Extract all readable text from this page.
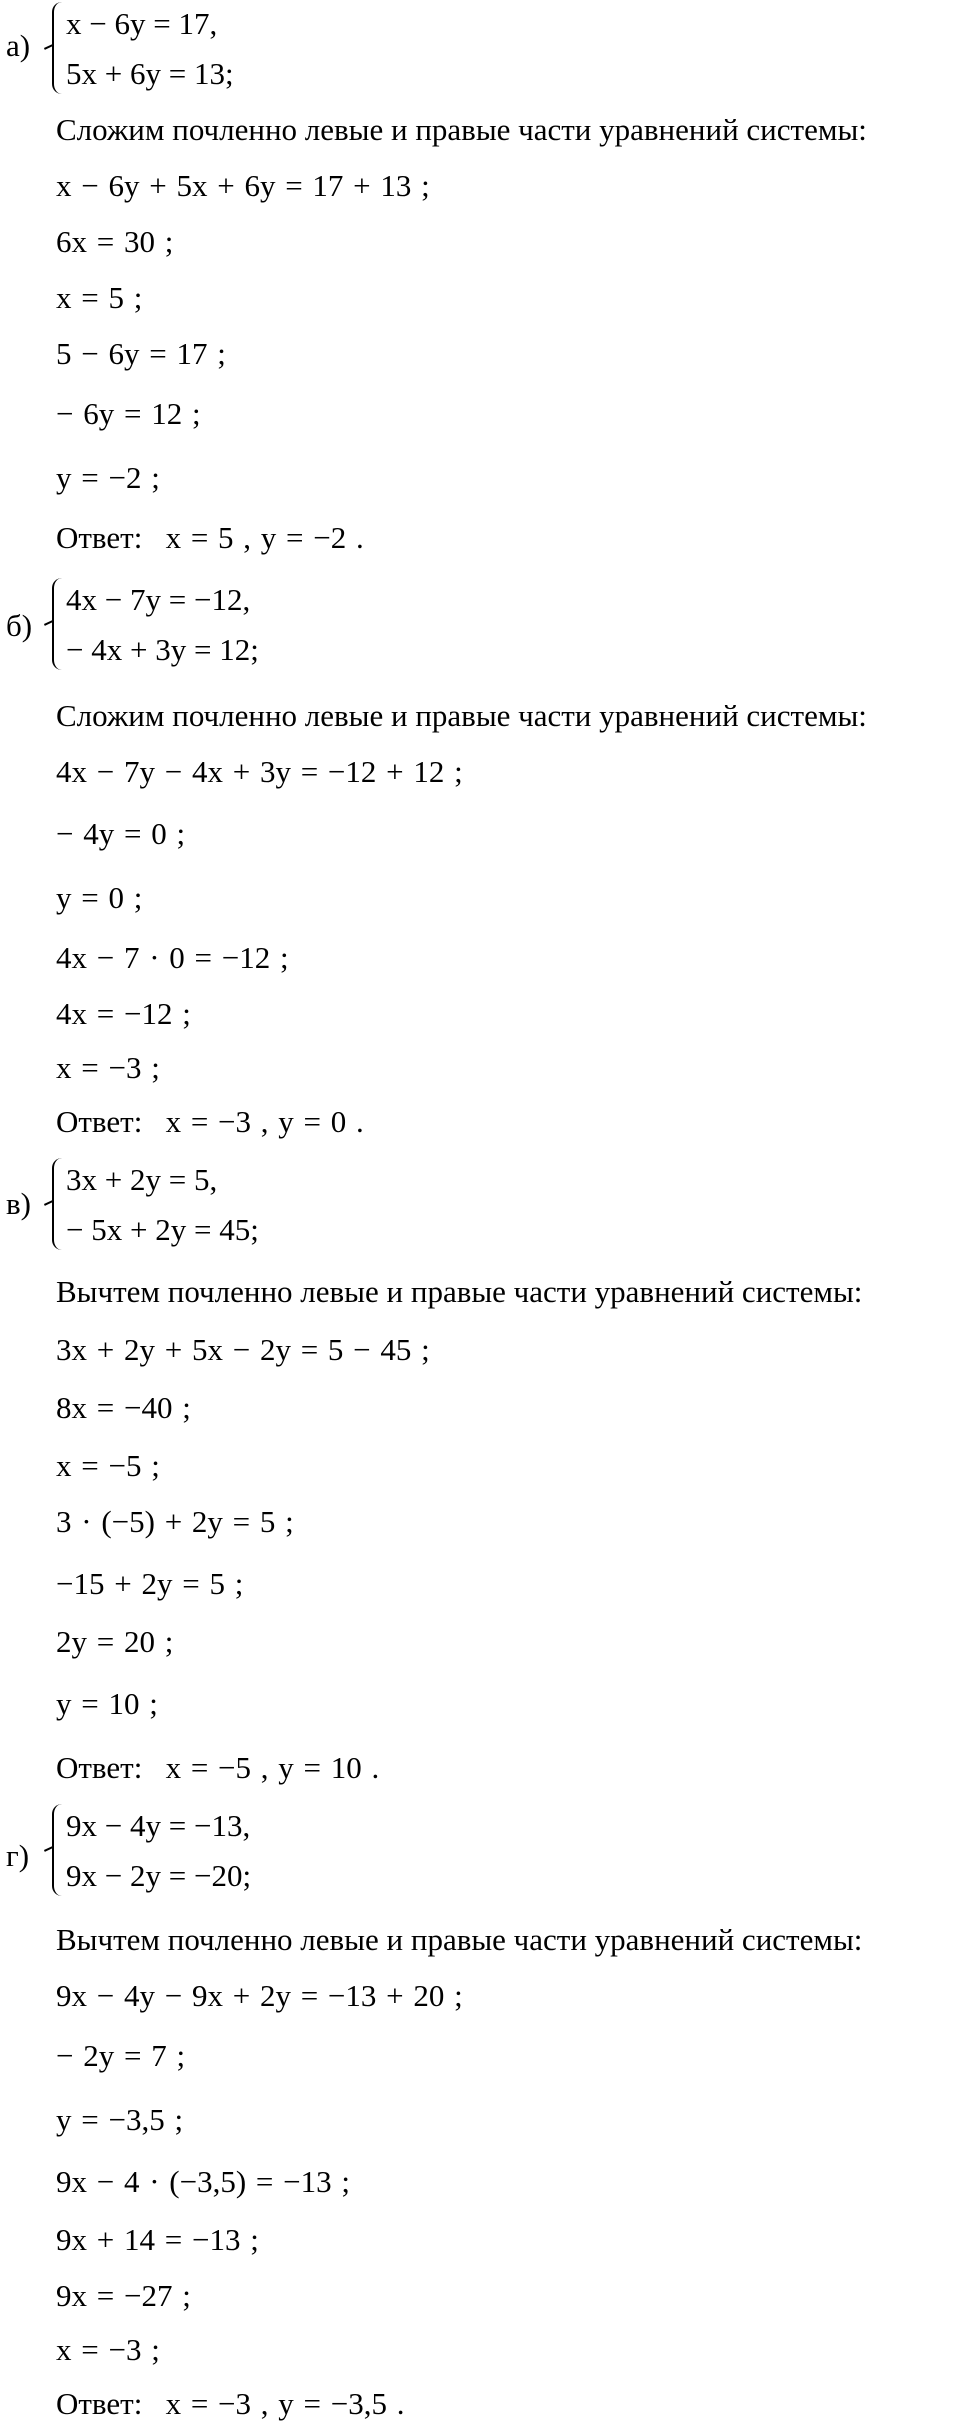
а)
x − 6y = 17,
5x + 6y = 13;
Сложим почленно левые и правые части уравнений системы:
x − 6y + 5x + 6y = 17 + 13 ;
6x = 30 ;
x = 5 ;
5 − 6y = 17 ;
− 6y = 12 ;
y = −2 ;
Ответ: x = 5 , y = −2 .
б)
4x − 7y = −12,
− 4x + 3y = 12;
Сложим почленно левые и правые части уравнений системы:
4x − 7y − 4x + 3y = −12 + 12 ;
− 4y = 0 ;
y = 0 ;
4x − 7 · 0 = −12 ;
4x = −12 ;
x = −3 ;
Ответ: x = −3 , y = 0 .
в)
3x + 2y = 5,
− 5x + 2y = 45;
Вычтем почленно левые и правые части уравнений системы:
3x + 2y + 5x − 2y = 5 − 45 ;
8x = −40 ;
x = −5 ;
3 · (−5) + 2y = 5 ;
−15 + 2y = 5 ;
2y = 20 ;
y = 10 ;
Ответ: x = −5 , y = 10 .
г)
9x − 4y = −13,
9x − 2y = −20;
Вычтем почленно левые и правые части уравнений системы:
9x − 4y − 9x + 2y = −13 + 20 ;
− 2y = 7 ;
y = −3,5 ;
9x − 4 · (−3,5) = −13 ;
9x + 14 = −13 ;
9x = −27 ;
x = −3 ;
Ответ: x = −3 , y = −3,5 .
